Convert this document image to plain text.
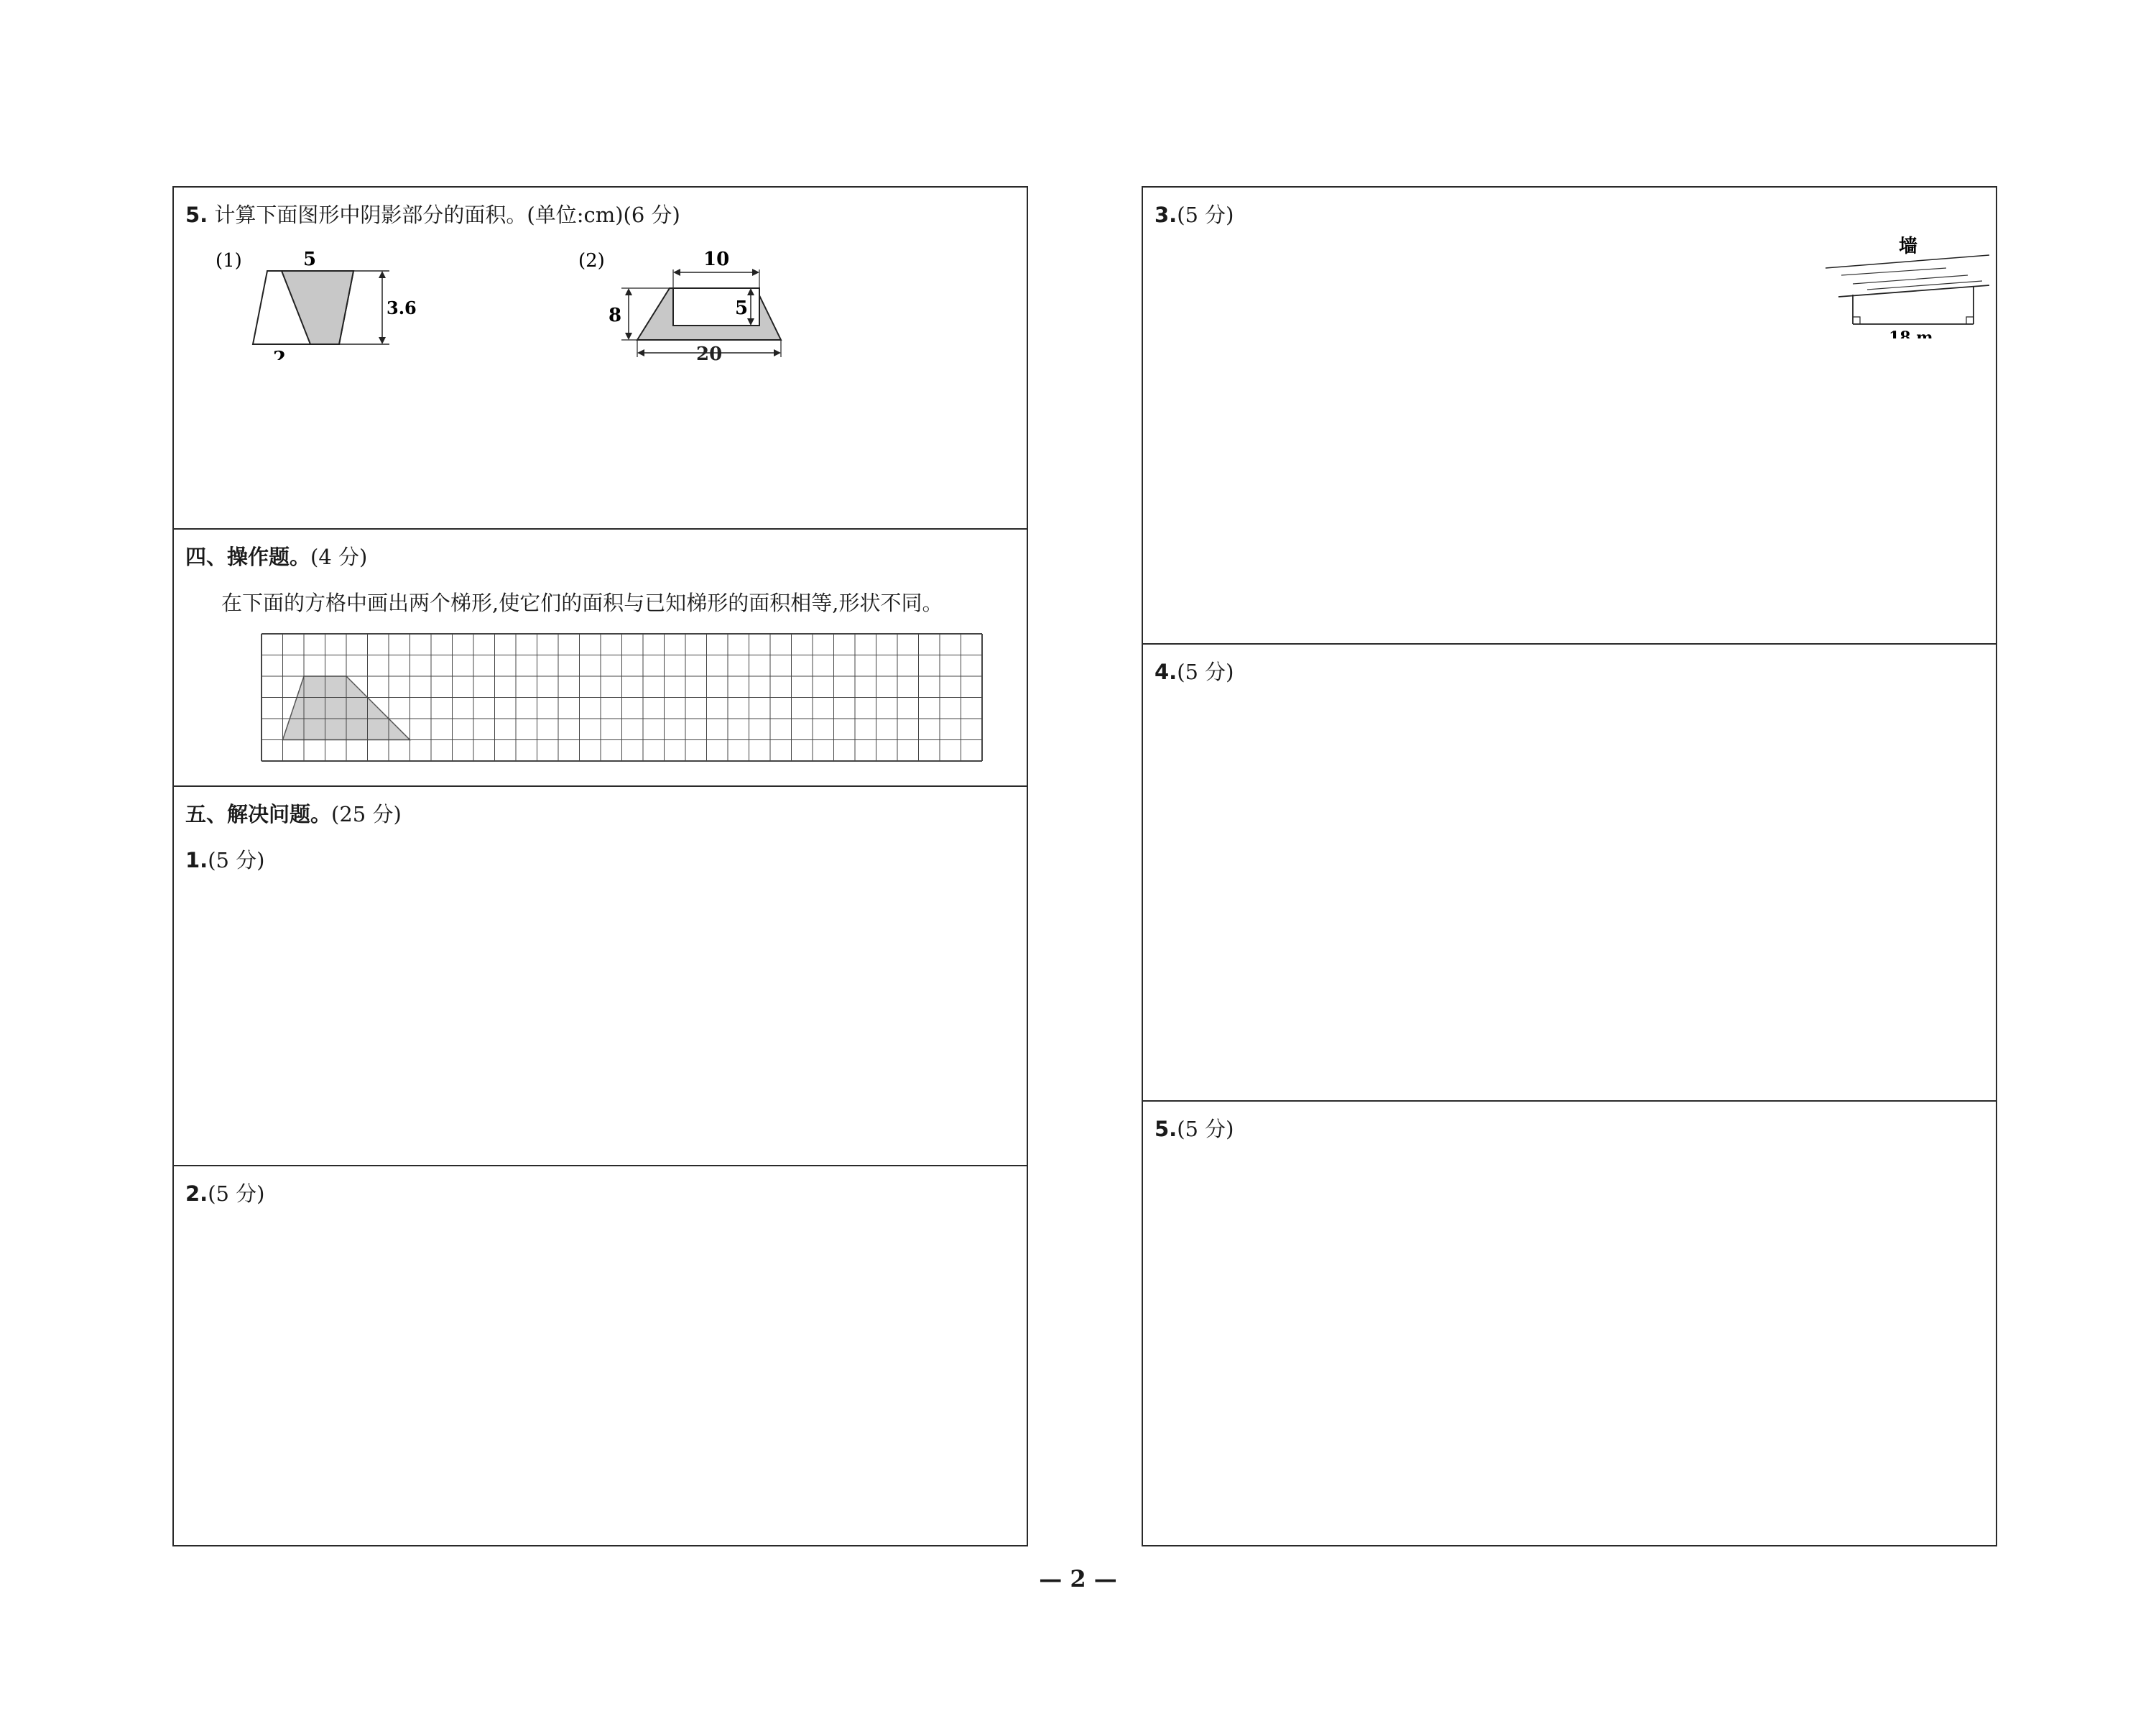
5. 计算下面图形中阴影部分的面积。(单位:cm)(6 分)
(1)	5
3.6
2
(2)	10
5
8
20
四、操作题。(4 分)
在下面的方格中画出两个梯形,使它们的面积与已知梯形的面积相等,形状不同。
五、解决问题。(25 分)
1.(5 分)
2.(5 分)
3.(5 分)
墙
18 m
4.(5 分)
5.(5 分)
— 2 —
